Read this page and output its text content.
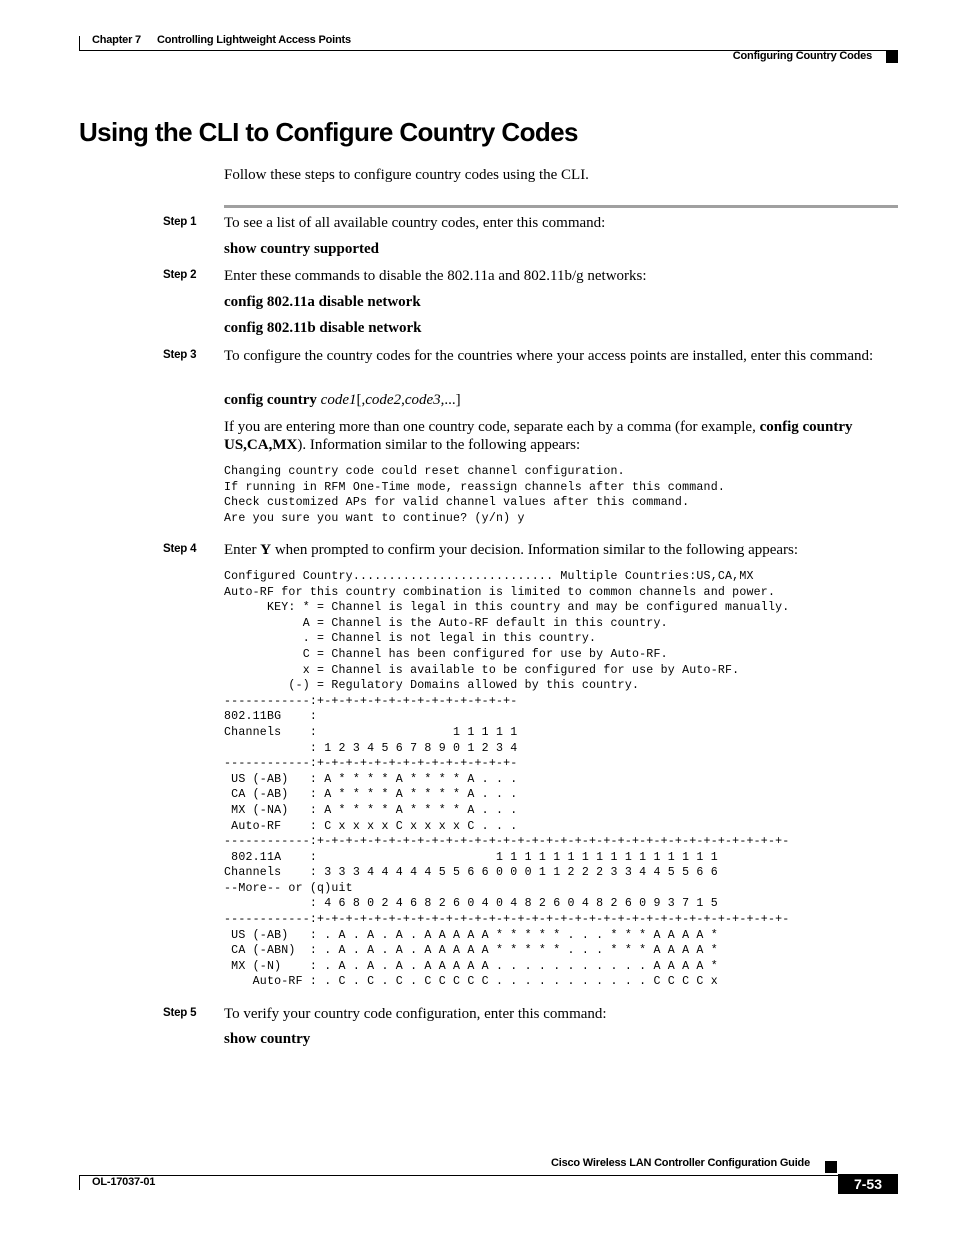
Chapter 7 Controlling Lightweight Access Points
Configuring Country Codes
Using the CLI to Configure Country Codes
Follow these steps to configure country codes using the CLI.
Step 1 To see a list of all available country codes, enter this command:
show country supported
Step 2 Enter these commands to disable the 802.11a and 802.11b/g networks:
config 802.11a disable network
config 802.11b disable network
Step 3 To configure the country codes for the countries where your access points are installed, enter this command:
config country code1[,code2,code3,...]
If you are entering more than one country code, separate each by a comma (for example, config country US,CA,MX). Information similar to the following appears:
Changing country code could reset channel configuration.
If running in RFM One-Time mode, reassign channels after this command.
Check customized APs for valid channel values after this command.
Are you sure you want to continue? (y/n) y
Step 4 Enter Y when prompted to confirm your decision. Information similar to the following appears:
Configured Country............................ Multiple Countries:US,CA,MX
Auto-RF for this country combination is limited to common channels and power.
KEY: * = Channel is legal in this country and may be configured manually.
A = Channel is the Auto-RF default in this country.
. = Channel is not legal in this country.
C = Channel has been configured for use by Auto-RF.
x = Channel is available to be configured for use by Auto-RF.
(-) = Regulatory Domains allowed by this country.
------------:+-+-+-+-+-+-+-+-+-+-+-+-+-+-
802.11BG    :
Channels    :                   1 1 1 1 1
: 1 2 3 4 5 6 7 8 9 0 1 2 3 4
------------:+-+-+-+-+-+-+-+-+-+-+-+-+-+-
US (-AB)   : A * * * * A * * * * A . . .
CA (-AB)   : A * * * * A * * * * A . . .
MX (-NA)   : A * * * * A * * * * A . . .
Auto-RF    : C x x x x C x x x x C . . .
------------:+-+-+-+-+-+-+-+-+-+-+-+-+-+-+-+-+-+-+-+-+-+-+-+-+-+-+-+-+-+-+-+-+-
802.11A    :                         1 1 1 1 1 1 1 1 1 1 1 1 1 1 1 1
Channels    : 3 3 3 4 4 4 4 4 5 5 6 6 0 0 0 1 1 2 2 2 3 3 4 4 5 5 6 6
--More-- or (q)uit
: 4 6 8 0 2 4 6 8 2 6 0 4 0 4 8 2 6 0 4 8 2 6 0 9 3 7 1 5
------------:+-+-+-+-+-+-+-+-+-+-+-+-+-+-+-+-+-+-+-+-+-+-+-+-+-+-+-+-+-+-+-+-+-
US (-AB)   : . A . A . A . A A A A A * * * * * . . . * * * A A A A *
CA (-ABN)  : . A . A . A . A A A A A * * * * * . . . * * * A A A A *
MX (-N)    : . A . A . A . A A A A A . . . . . . . . . . . A A A A *
Auto-RF : . C . C . C . C C C C C . . . . . . . . . . . C C C C x
Step 5 To verify your country code configuration, enter this command:
show country
Cisco Wireless LAN Controller Configuration Guide
OL-17037-01	7-53
